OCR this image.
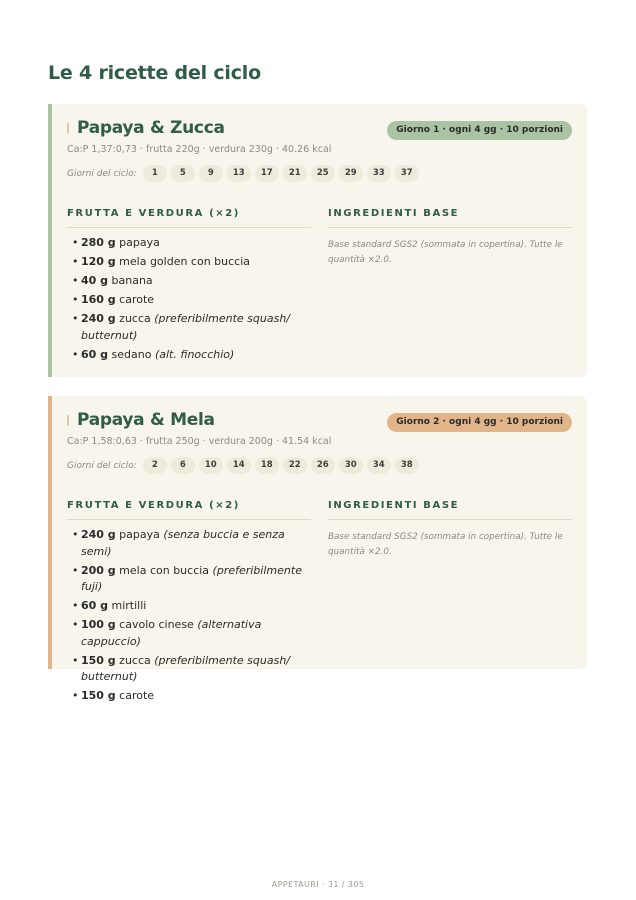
Le 4 ricette del ciclo
Papaya & Zucca	Giorno 1 · ogni 4 gg · 10 porzioni
Ca:P 1,37:0,73 · frutta 220g · verdura 230g · 40.26 kcal
Giorni del ciclo:	1	5	9	13	17	21	25	29	33	37
FRUTTA E VERDURA (×2)	INGREDIENTI BASE
• 280 g papaya
• 120 g mela golden con buccia
• 40 g banana
• 160 g carote
• 240 g zucca (preferibilmente squash/ butternut)
• 60 g sedano (alt. finocchio)

Base standard SGS2 (sommata in copertina). Tutte le quantità ×2.0.

Papaya & Mela	Giorno 2 · ogni 4 gg · 10 porzioni
Ca:P 1,58:0,63 · frutta 250g · verdura 200g · 41.54 kcal
Giorni del ciclo:	2	6	10	14	18	22	26	30	34	38
FRUTTA E VERDURA (×2)	INGREDIENTI BASE
• 240 g papaya (senza buccia e senza semi)
• 200 g mela con buccia (preferibilmente fuji)
• 60 g mirtilli
• 100 g cavolo cinese (alternativa cappuccio)
• 150 g zucca (preferibilmente squash/ butternut)
• 150 g carote

Base standard SGS2 (sommata in copertina). Tutte le quantità ×2.0.

APPETAURI · 31 / 305
